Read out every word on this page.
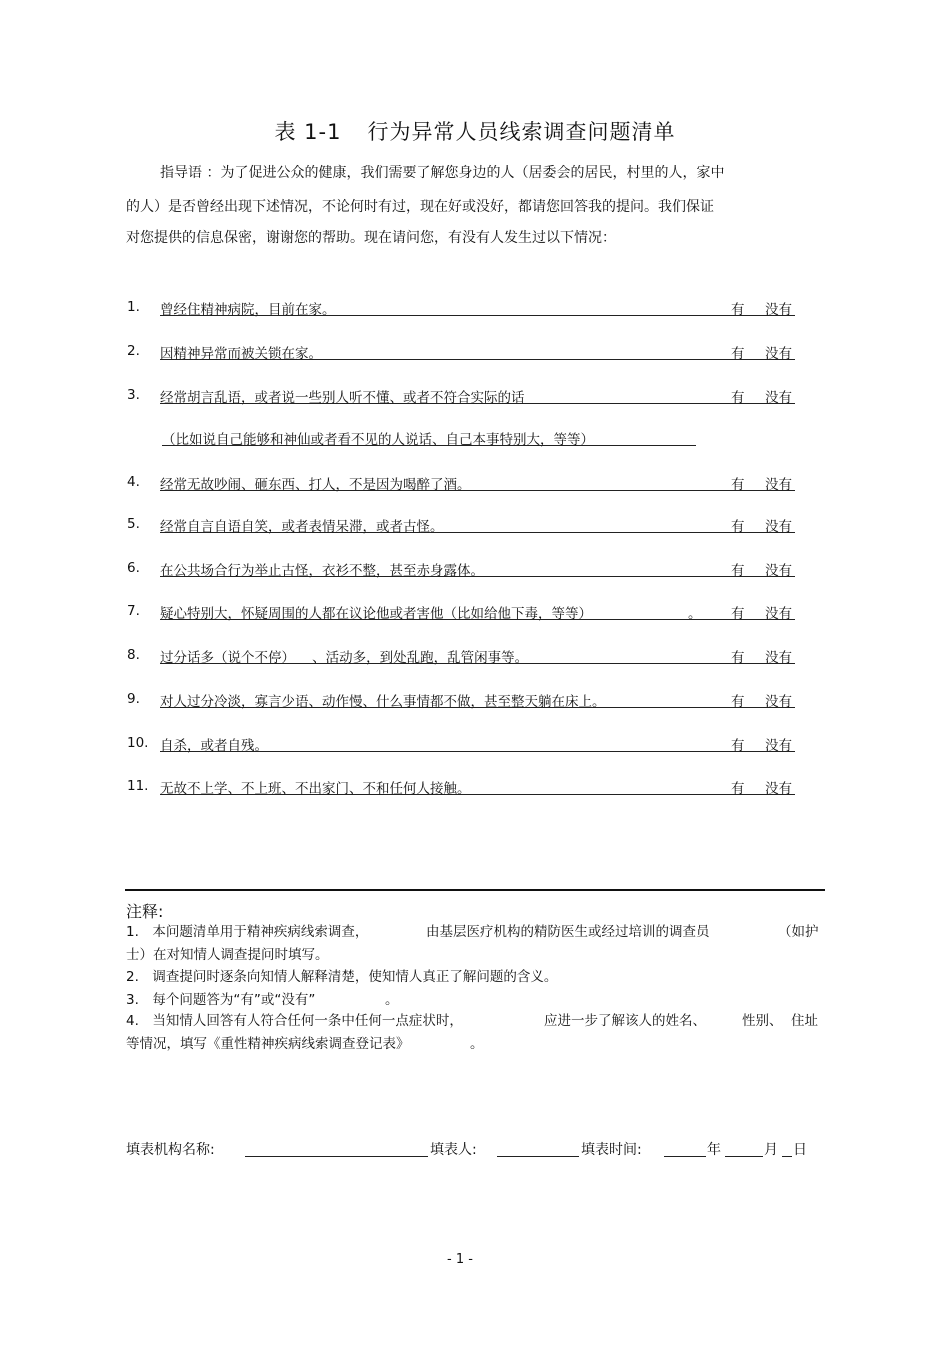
表 1-1 行为异常人员线索调查问题清单
指导语 ：为了促进公众的健康，我们需要了解您身边的人（居委会的居民，村里的人，家中
的人）是否曾经出现下述情况，不论何时有过，现在好或没好，都请您回答我的提问。我们保证
对您提供的信息保密，谢谢您的帮助。现在请问您，有没有人发生过以下情况：
1. 曾经住精神病院，目前在家。	有 没有
2. 因精神异常而被关锁在家。	有 没有
3. 经常胡言乱语，或者说一些别人听不懂、或者不符合实际的话	有 没有
（比如说自己能够和神仙或者看不见的人说话、自己本事特别大，等等）
4. 经常无故吵闹、砸东西、打人，不是因为喝醉了酒。	有 没有
5. 经常自言自语自笑，或者表情呆滞，或者古怪。	有 没有
6. 在公共场合行为举止古怪，衣衫不整，甚至赤身露体。	有 没有
7. 疑心特别大，怀疑周围的人都在议论他或者害他（比如给他下毒，等等）	。 有 没有
8. 过分话多（说个不停）    、活动多，到处乱跑，乱管闲事等。	有 没有
9. 对人过分冷淡，寡言少语、动作慢、什么事情都不做，甚至整天躺在床上。	有 没有
10. 自杀，或者自残。	有 没有
11. 无故不上学、不上班、不出家门、不和任何人接触。	有 没有
注释:
1.　本问题清单用于精神疾病线索调查，	由基层医疗机构的精防医生或经过培训的调查员	（如护
士）在对知情人调查提问时填写。
2.　调查提问时逐条向知情人解释清楚，使知情人真正了解问题的含义。
3.　每个问题答为“有”或“没有”	。
4.　当知情人回答有人符合任何一条中任何一点症状时，	应进一步了解该人的姓名、	性别、 住址
等情况，填写《重性精神疾病线索调查登记表》	。
填表机构名称:	填表人:	填表时间:	年	月 日
- 1 -
